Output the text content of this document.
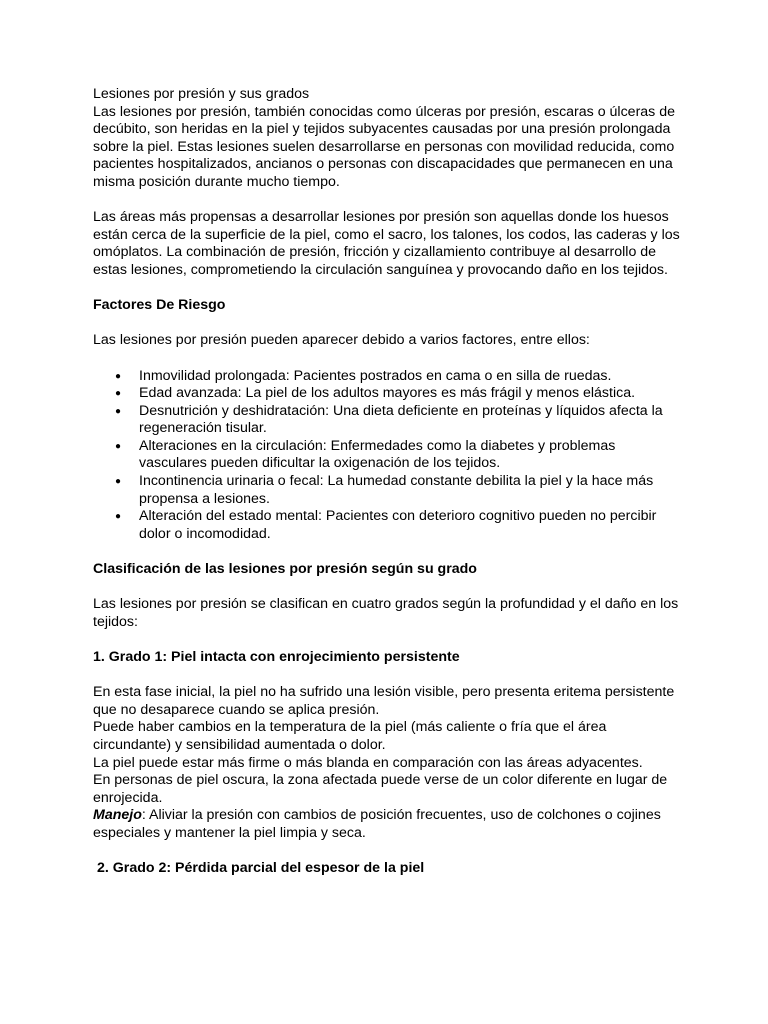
Lesiones por presión y sus grados

Las lesiones por presión, también conocidas como úlceras por presión, escaras o úlceras de decúbito, son heridas en la piel y tejidos subyacentes causadas por una presión prolongada sobre la piel. Estas lesiones suelen desarrollarse en personas con movilidad reducida, como pacientes hospitalizados, ancianos o personas con discapacidades que permanecen en una misma posición durante mucho tiempo.

Las áreas más propensas a desarrollar lesiones por presión son aquellas donde los huesos están cerca de la superficie de la piel, como el sacro, los talones, los codos, las caderas y los omóplatos. La combinación de presión, fricción y cizallamiento contribuye al desarrollo de estas lesiones, comprometiendo la circulación sanguínea y provocando daño en los tejidos.

Factores De Riesgo

Las lesiones por presión pueden aparecer debido a varios factores, entre ellos:

● Inmovilidad prolongada: Pacientes postrados en cama o en silla de ruedas.
● Edad avanzada: La piel de los adultos mayores es más frágil y menos elástica.
● Desnutrición y deshidratación: Una dieta deficiente en proteínas y líquidos afecta la regeneración tisular.
● Alteraciones en la circulación: Enfermedades como la diabetes y problemas vasculares pueden dificultar la oxigenación de los tejidos.
● Incontinencia urinaria o fecal: La humedad constante debilita la piel y la hace más propensa a lesiones.
● Alteración del estado mental: Pacientes con deterioro cognitivo pueden no percibir dolor o incomodidad.

Clasificación de las lesiones por presión según su grado

Las lesiones por presión se clasifican en cuatro grados según la profundidad y el daño en los tejidos:

1. Grado 1: Piel intacta con enrojecimiento persistente

En esta fase inicial, la piel no ha sufrido una lesión visible, pero presenta eritema persistente que no desaparece cuando se aplica presión.

Puede haber cambios en la temperatura de la piel (más caliente o fría que el área circundante) y sensibilidad aumentada o dolor.

La piel puede estar más firme o más blanda en comparación con las áreas adyacentes.

En personas de piel oscura, la zona afectada puede verse de un color diferente en lugar de enrojecida.

Manejo: Aliviar la presión con cambios de posición frecuentes, uso de colchones o cojines especiales y mantener la piel limpia y seca.

2. Grado 2: Pérdida parcial del espesor de la piel
